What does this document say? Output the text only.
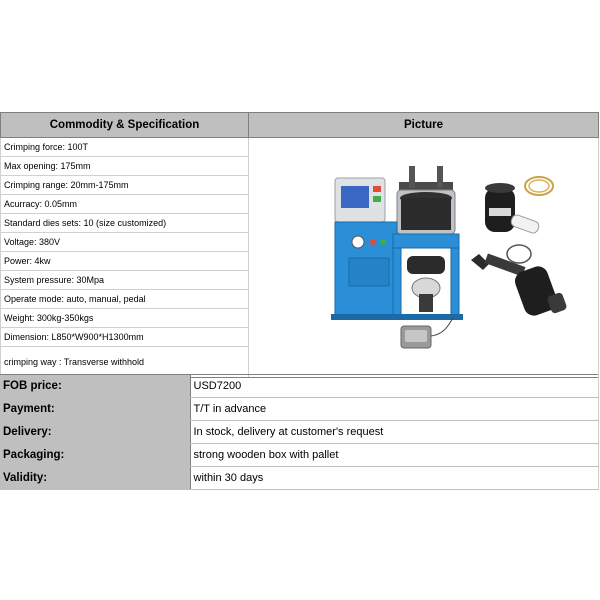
Commodity & Specification	Picture
Crimping force: 100T	

Max opening: 175mm	
Crimping range: 20mm-175mm	
Acurracy: 0.05mm	
Standard dies sets: 10 (size customized)	
Voltage: 380V	
Power: 4kw	
System pressure: 30Mpa	
Operate mode: auto, manual, pedal	
Weight: 300kg-350kgs	
Dimension: L850*W900*H1300mm	
crimping way : Transverse withhold	
FOB price:	USD7200
Payment:	T/T in advance
Delivery:	In stock, delivery at customer's request
Packaging:	strong wooden box with pallet
Validity:	within 30 days
